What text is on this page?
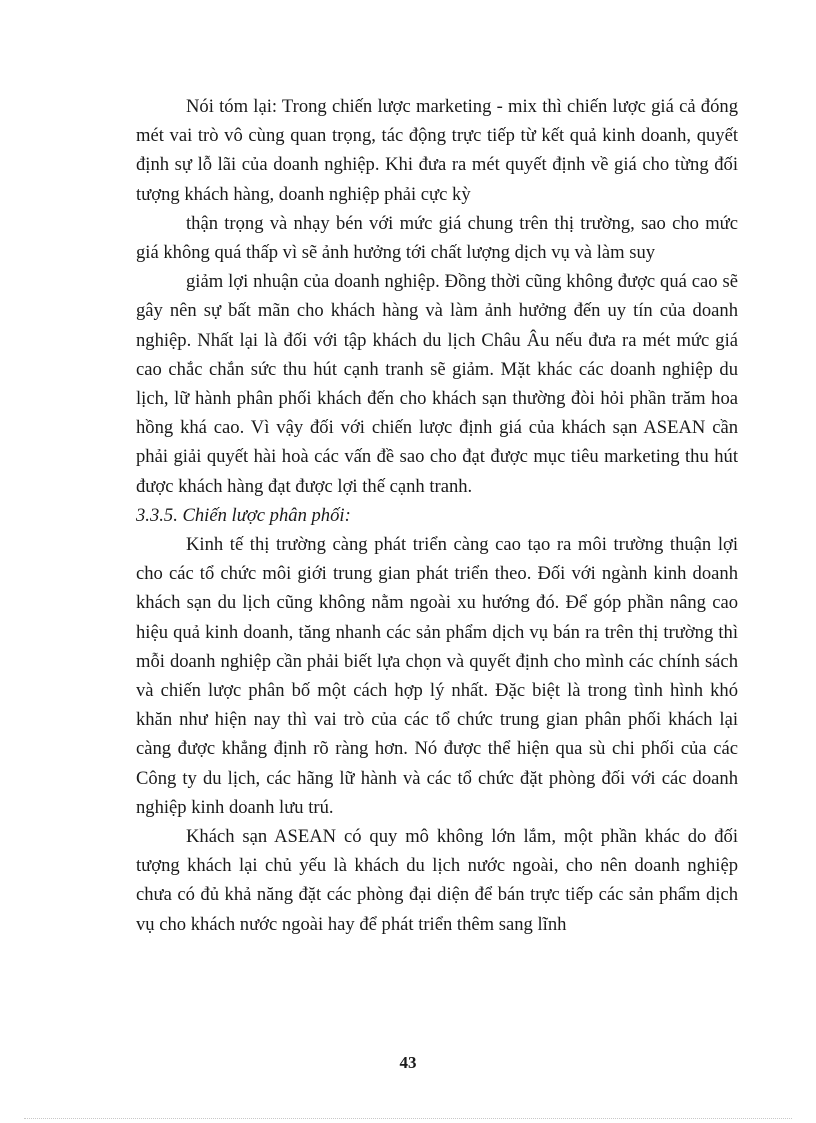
Nói tóm lại: Trong chiến lược marketing - mix thì chiến lược giá cả đóng mét vai trò vô cùng quan trọng, tác động trực tiếp từ kết quả kinh doanh, quyết định sự lỗ lãi của doanh nghiệp. Khi đưa ra mét quyết định về giá cho từng đối tượng khách hàng, doanh nghiệp phải cực kỳ

thận trọng và nhạy bén với mức giá chung trên thị trường, sao cho mức giá không quá thấp vì sẽ ảnh hưởng tới chất lượng dịch vụ và làm suy

giảm lợi nhuận của doanh nghiệp. Đồng thời cũng không được quá cao sẽ gây nên sự bất mãn cho khách hàng và làm ảnh hưởng đến uy tín của doanh nghiệp. Nhất lại là đối với tập khách du lịch Châu Âu nếu đưa ra mét mức giá cao chắc chắn sức thu hút cạnh tranh sẽ giảm. Mặt khác các doanh nghiệp du lịch, lữ hành phân phối khách đến cho khách sạn thường đòi hỏi phần trăm hoa hồng khá cao. Vì vậy đối với chiến lược định giá của khách sạn ASEAN cần phải giải quyết hài hoà các vấn đề sao cho đạt được mục tiêu marketing thu hút được khách hàng đạt được lợi thế cạnh tranh.

3.3.5. Chiến lược phân phối:

Kinh tế thị trường càng phát triển càng cao tạo ra môi trường thuận lợi cho các tổ chức môi giới trung gian phát triển theo. Đối với ngành kinh doanh khách sạn du lịch cũng không nằm ngoài xu hướng đó. Để góp phần nâng cao hiệu quả kinh doanh, tăng nhanh các sản phẩm dịch vụ bán ra trên thị trường thì mỗi doanh nghiệp cần phải biết lựa chọn và quyết định cho mình các chính sách và chiến lược phân bố một cách hợp lý nhất. Đặc biệt là trong tình hình khó khăn như hiện nay thì vai trò của các tổ chức trung gian phân phối khách lại càng được khẳng định rõ ràng hơn. Nó được thể hiện qua sù chi phối của các Công ty du lịch, các hãng lữ hành và các tổ chức đặt phòng đối với các doanh nghiệp kinh doanh lưu trú.

Khách sạn ASEAN có quy mô không lớn lắm, một phần khác do đối tượng khách lại chủ yếu là khách du lịch nước ngoài, cho nên doanh nghiệp chưa có đủ khả năng đặt các phòng đại diện để bán trực tiếp các sản phẩm dịch vụ cho khách nước ngoài hay để phát triển thêm sang lĩnh

43
